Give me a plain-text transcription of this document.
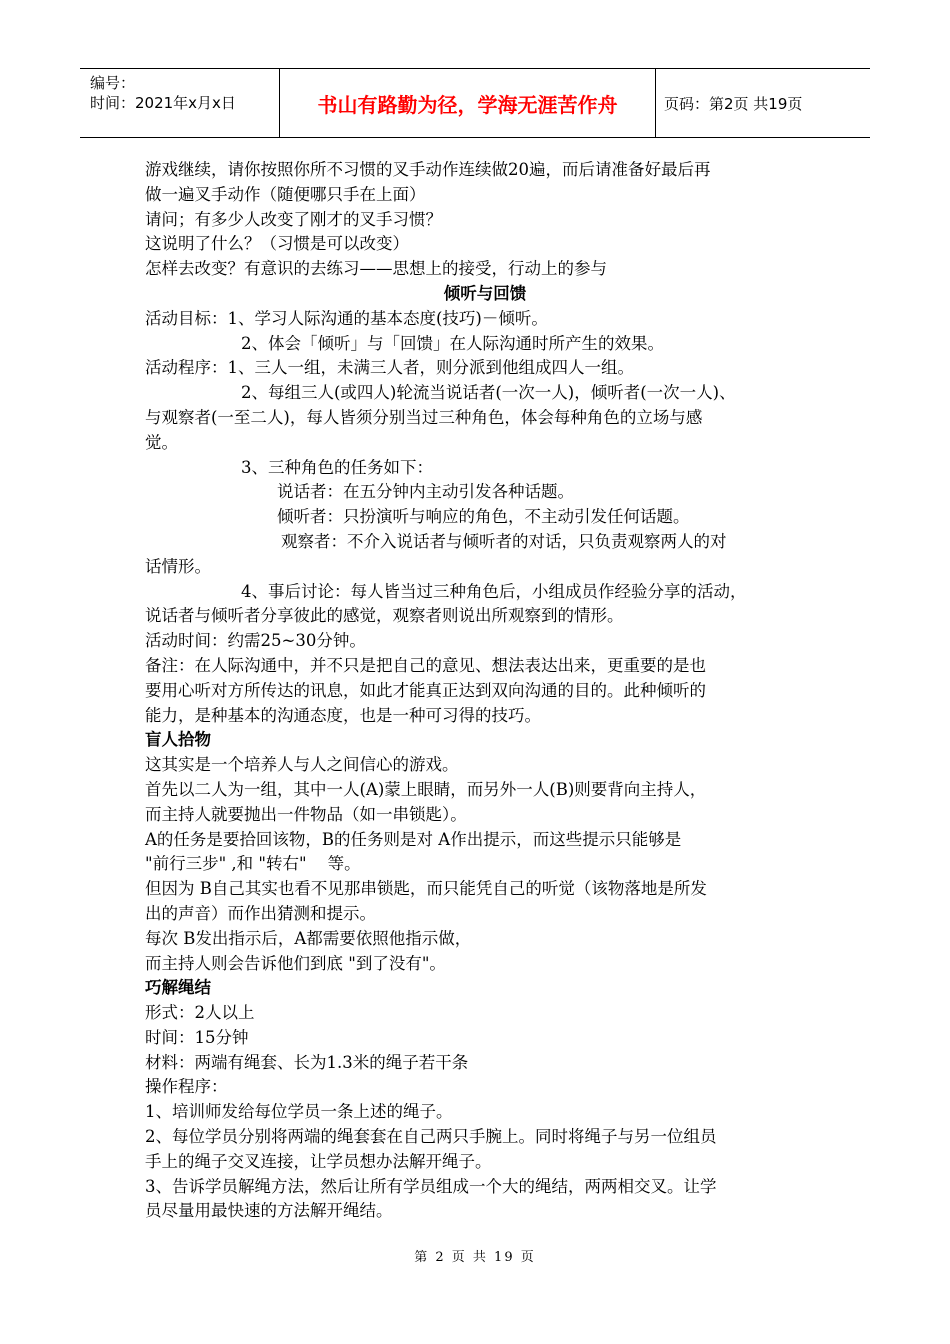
编号：
时间：2021年x月x日	书山有路勤为径，学海无涯苦作舟	页码：第2页 共19页

游戏继续，请你按照你所不习惯的叉手动作连续做20遍，而后请准备好最后再

做一遍叉手动作（随便哪只手在上面）

请问；有多少人改变了刚才的叉手习惯？

这说明了什么？（习惯是可以改变）

怎样去改变？有意识的去练习——思想上的接受，行动上的参与

倾听与回馈

活动目标：1、学习人际沟通的基本态度(技巧)－倾听。

2、体会「倾听」与「回馈」在人际沟通时所产生的效果。

活动程序：1、三人一组，未满三人者，则分派到他组成四人一组。

2、每组三人(或四人)轮流当说话者(一次一人)，倾听者(一次一人)、

与观察者(一至二人)，每人皆须分别当过三种角色，体会每种角色的立场与感

觉。

3、三种角色的任务如下：

说话者：在五分钟内主动引发各种话题。

倾听者：只扮演听与响应的角色，不主动引发任何话题。

观察者：不介入说话者与倾听者的对话，只负责观察两人的对

话情形。

4、事后讨论：每人皆当过三种角色后，小组成员作经验分享的活动，

说话者与倾听者分享彼此的感觉，观察者则说出所观察到的情形。

活动时间：约需25~30分钟。

备注：在人际沟通中，并不只是把自己的意见、想法表达出来，更重要的是也

要用心听对方所传达的讯息，如此才能真正达到双向沟通的目的。此种倾听的

能力，是种基本的沟通态度，也是一种可习得的技巧。

盲人拾物

这其实是一个培养人与人之间信心的游戏。

首先以二人为一组，其中一人(A)蒙上眼睛，而另外一人(B)则要背向主持人，

而主持人就要抛出一件物品（如一串锁匙）。

A的任务是要拾回该物，B的任务则是对 A作出提示，而这些提示只能够是

"前行三步" ,和 "转右"    等。

但因为 B自己其实也看不见那串锁匙，而只能凭自己的听觉（该物落地是所发

出的声音）而作出猜测和提示。

每次 B发出指示后，A都需要依照他指示做，

而主持人则会告诉他们到底 "到了没有"。

巧解绳结

形式：2人以上

时间：15分钟

材料：两端有绳套、长为1.3米的绳子若干条

操作程序：

1、培训师发给每位学员一条上述的绳子。

2、每位学员分别将两端的绳套套在自己两只手腕上。同时将绳子与另一位组员

手上的绳子交叉连接，让学员想办法解开绳子。

3、告诉学员解绳方法，然后让所有学员组成一个大的绳结，两两相交叉。让学

员尽量用最快速的方法解开绳结。

第 2 页 共 19 页
